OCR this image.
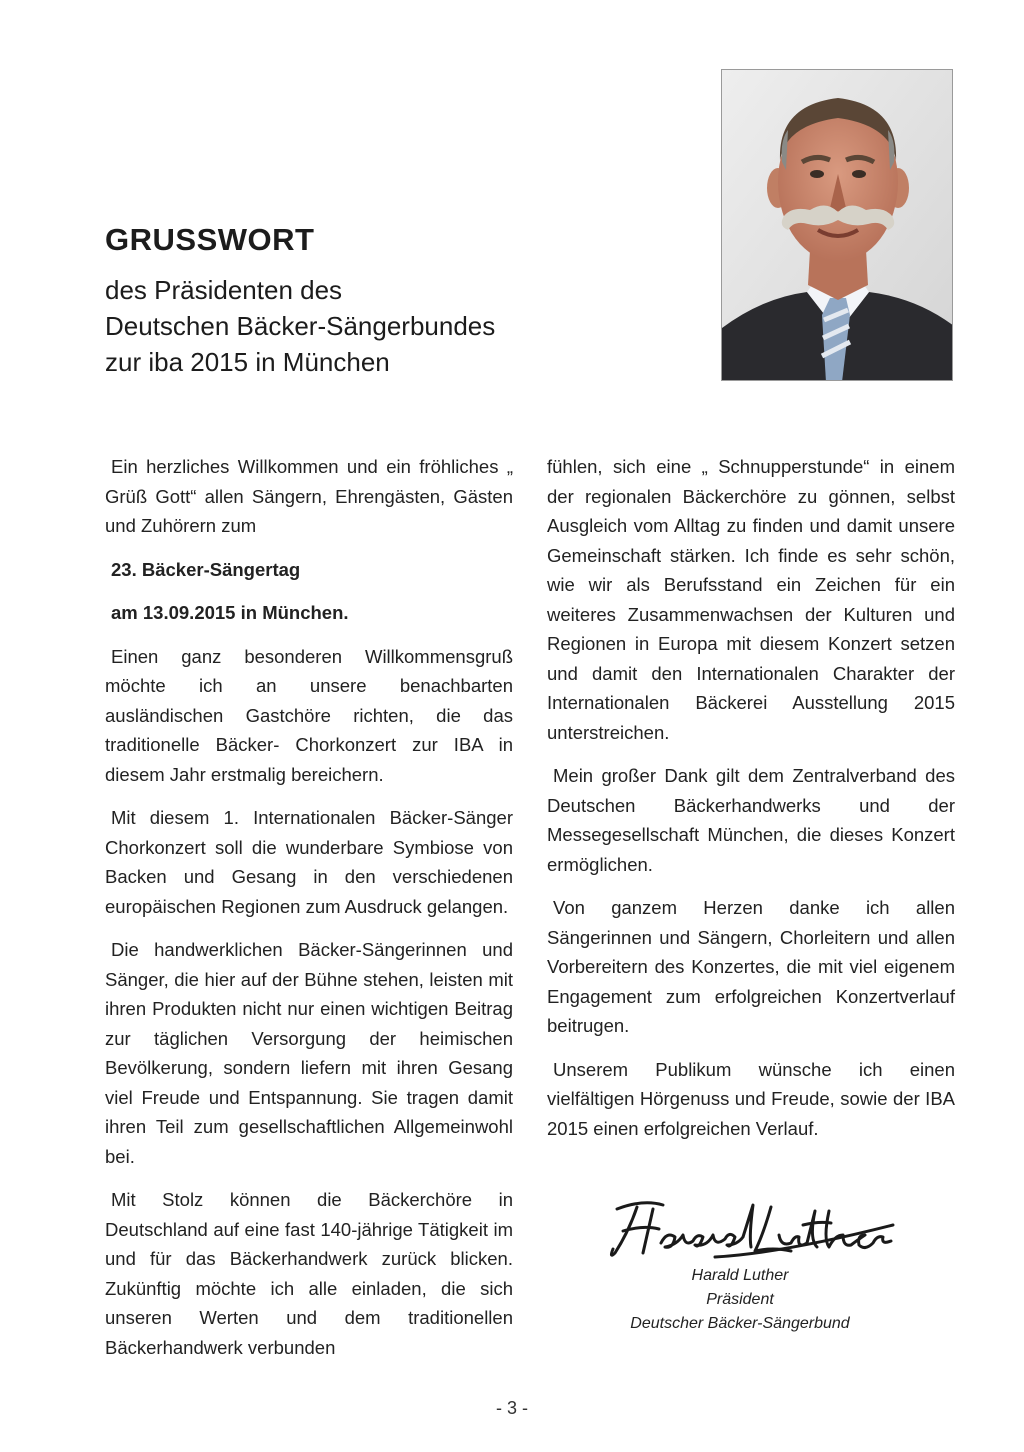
GRUSSWORT
des Präsidenten des
Deutschen Bäcker-Sängerbundes
zur iba 2015 in München

Ein herzliches Willkommen und ein fröhliches „ Grüß Gott“ allen Sängern, Ehrengästen, Gästen und Zuhörern zum

23. Bäcker-Sängertag

am 13.09.2015 in München.

Einen ganz besonderen Willkommensgruß möchte ich an unsere benachbarten ausländischen Gastchöre richten, die das traditionelle Bäcker- Chorkonzert zur IBA in diesem Jahr erstmalig bereichern.

Mit diesem 1. Internationalen Bäcker-Sänger Chorkonzert soll die wunderbare Symbiose von Backen und Gesang in den verschiedenen europäischen Regionen zum Ausdruck gelangen.

Die handwerklichen Bäcker-Sängerinnen und Sänger, die hier auf der Bühne stehen, leisten mit ihren Produkten nicht nur einen wichtigen Beitrag zur täglichen Versorgung der heimischen Bevölkerung, sondern liefern mit ihren Gesang viel Freude und Entspannung. Sie tragen damit ihren Teil zum gesellschaftlichen Allgemeinwohl bei.

Mit Stolz können die Bäckerchöre in Deutschland auf eine fast 140-jährige Tätigkeit im und für das Bäckerhandwerk zurück blicken. Zukünftig möchte ich alle einladen, die sich unseren Werten und dem traditionellen Bäckerhandwerk verbunden

fühlen, sich eine „ Schnupperstunde“ in einem der regionalen Bäckerchöre zu gönnen, selbst Ausgleich vom Alltag zu finden und damit unsere Gemeinschaft stärken. Ich finde es sehr schön, wie wir als Berufsstand ein Zeichen für ein weiteres Zusammenwachsen der Kulturen und Regionen in Europa mit diesem Konzert setzen und damit den Internationalen Charakter der Internationalen Bäckerei Ausstellung 2015 unterstreichen.

Mein großer Dank gilt dem Zentralverband des Deutschen Bäckerhandwerks und der Messegesellschaft München, die dieses Konzert ermöglichen.

Von ganzem Herzen danke ich allen Sängerinnen und Sängern, Chorleitern und allen Vorbereitern des Konzertes, die mit viel eigenem Engagement zum erfolgreichen Konzertverlauf beitrugen.

Unserem Publikum wünsche ich einen vielfältigen Hörgenuss und Freude, sowie der IBA 2015 einen erfolgreichen Verlauf.

Harald Luther
Präsident
Deutscher Bäcker-Sängerbund
- 3 -
